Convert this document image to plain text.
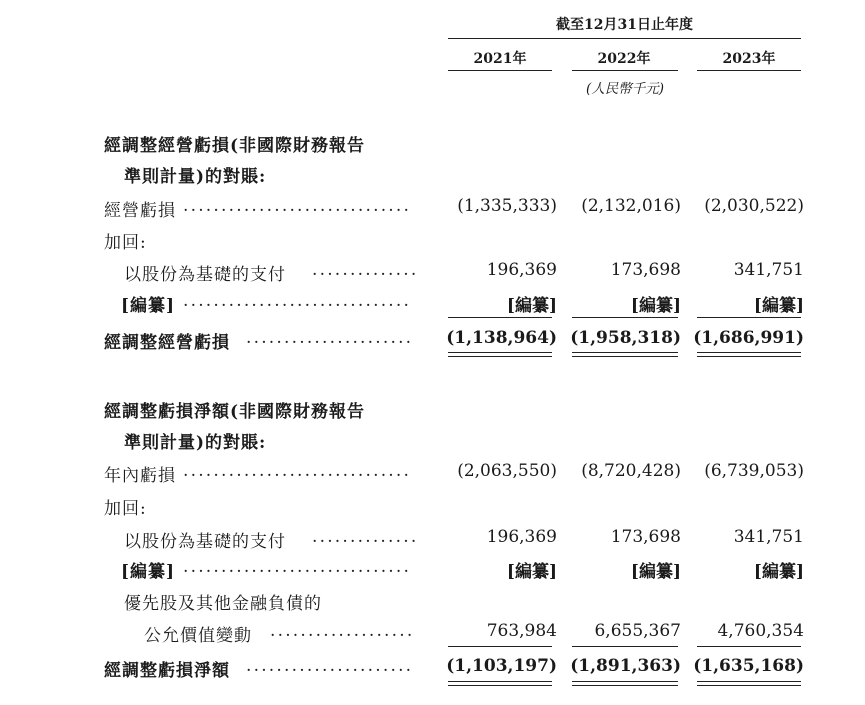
截至12月31日止年度
2021年	2022年	2023年
(人民幣千元)
經調整經營虧損(非國際財務報告
準則計量)的對賬:
經營虧損 ..............................	(1,335,333)	(2,132,016)	(2,030,522)
加回:
以股份為基礎的支付 ..............	196,369	173,698	341,751
[編纂] ..............................	[編纂]	[編纂]	[編纂]
經調整經營虧損 ......................	(1,138,964) (1,958,318) (1,686,991)
經調整虧損淨額(非國際財務報告
準則計量)的對賬:
年內虧損 ..............................	(2,063,550)	(8,720,428)	(6,739,053)
加回:
以股份為基礎的支付 ..............	196,369	173,698	341,751
[編纂] ..............................	[編纂]	[編纂]	[編纂]
優先股及其他金融負債的
公允價值變動 ...................	763,984	6,655,367	4,760,354
經調整虧損淨額 ......................	(1,103,197) (1,891,363) (1,635,168)
